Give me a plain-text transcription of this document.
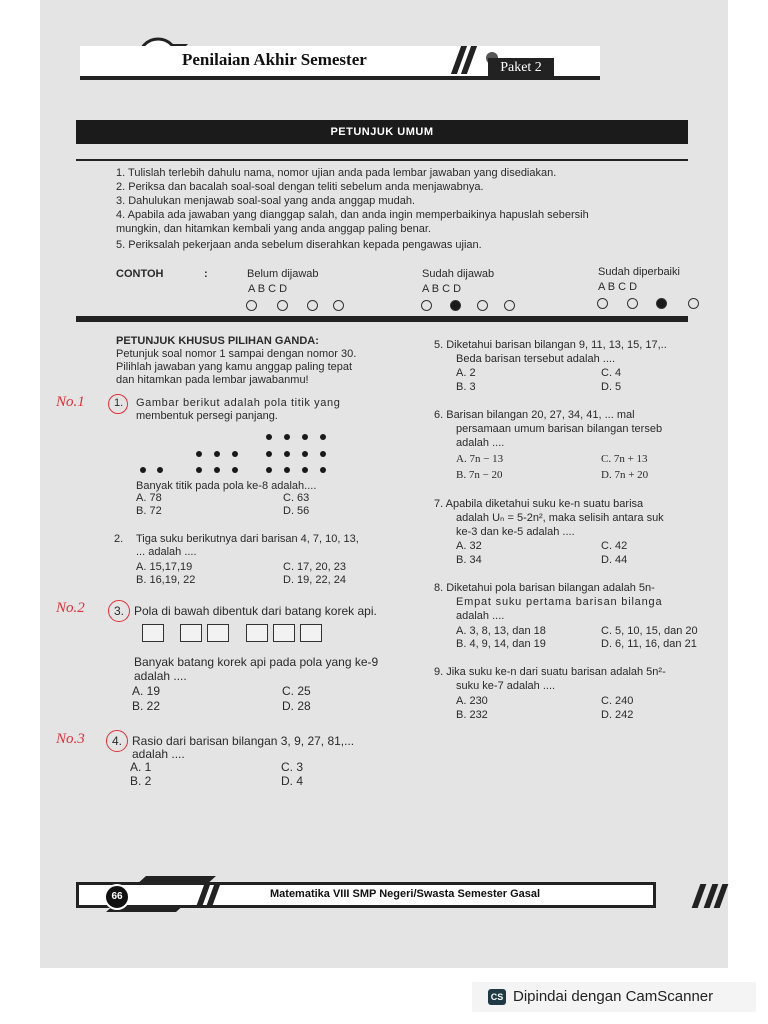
Penilaian Akhir Semester	Paket 2
PETUNJUK UMUM
1. Tulislah terlebih dahulu nama, nomor ujian anda pada lembar jawaban yang disediakan.
2. Periksa dan bacalah soal-soal dengan teliti sebelum anda menjawabnya.
3. Dahulukan menjawab soal-soal yang anda anggap mudah.
4. Apabila ada jawaban yang dianggap salah, dan anda ingin memperbaikinya hapuslah sebersih
mungkin, dan hitamkan kembali yang anda anggap paling benar.
5. Periksalah pekerjaan anda sebelum diserahkan kepada pengawas ujian.
CONTOH	:	Belum dijawab	Sudah dijawab	Sudah diperbaiki
A B C D	A B C D	A B C D
PETUNJUK KHUSUS PILIHAN GANDA:
Petunjuk soal nomor 1 sampai dengan nomor 30.
Pilihlah jawaban yang kamu anggap paling tepat
dan hitamkan pada lembar jawabanmu!
No.1	1. Gambar berikut adalah pola titik yang
membentuk persegi panjang.
Banyak titik pada pola ke-8 adalah....
A. 78
B. 72
C. 63
D. 56
2. Tiga suku berikutnya dari barisan 4, 7, 10, 13,
... adalah ....
A. 15,17,19
B. 16,19, 22
C. 17, 20, 23
D. 19, 22, 24
No.2 3. Pola di bawah dibentuk dari batang korek api.
Banyak batang korek api pada pola yang ke-9
adalah ....
A. 19
B. 22
C. 25
D. 28
No.3 4. Rasio dari barisan bilangan 3, 9, 27, 81,...
adalah ....
A. 1
B. 2
C. 3
D. 4
5. Diketahui barisan bilangan 9, 11, 13, 15, 17,..
Beda barisan tersebut adalah ....
A. 2
B. 3
C. 4
D. 5
6. Barisan bilangan 20, 27, 34, 41, ... mal
persamaan umum barisan bilangan terseb
adalah ....
A. 7n − 13
B. 7n − 20
C. 7n + 13
D. 7n + 20
7. Apabila diketahui suku ke-n suatu barisa
adalah Uₙ = 5-2n², maka selisih antara suk
ke-3 dan ke-5 adalah ....
A. 32
B. 34
C. 42
D. 44
8. Diketahui pola barisan bilangan adalah 5n-
Empat suku pertama barisan bilanga
adalah ....
A. 3, 8, 13, dan 18
B. 4, 9, 14, dan 19
C. 5, 10, 15, dan 20
D. 6, 11, 16, dan 21
9. Jika suku ke-n dari suatu barisan adalah 5n²-
suku ke-7 adalah ....
A. 230
B. 232
C. 240
D. 242
66	Matematika VIII SMP Negeri/Swasta Semester Gasal
CS Dipindai dengan CamScanner
